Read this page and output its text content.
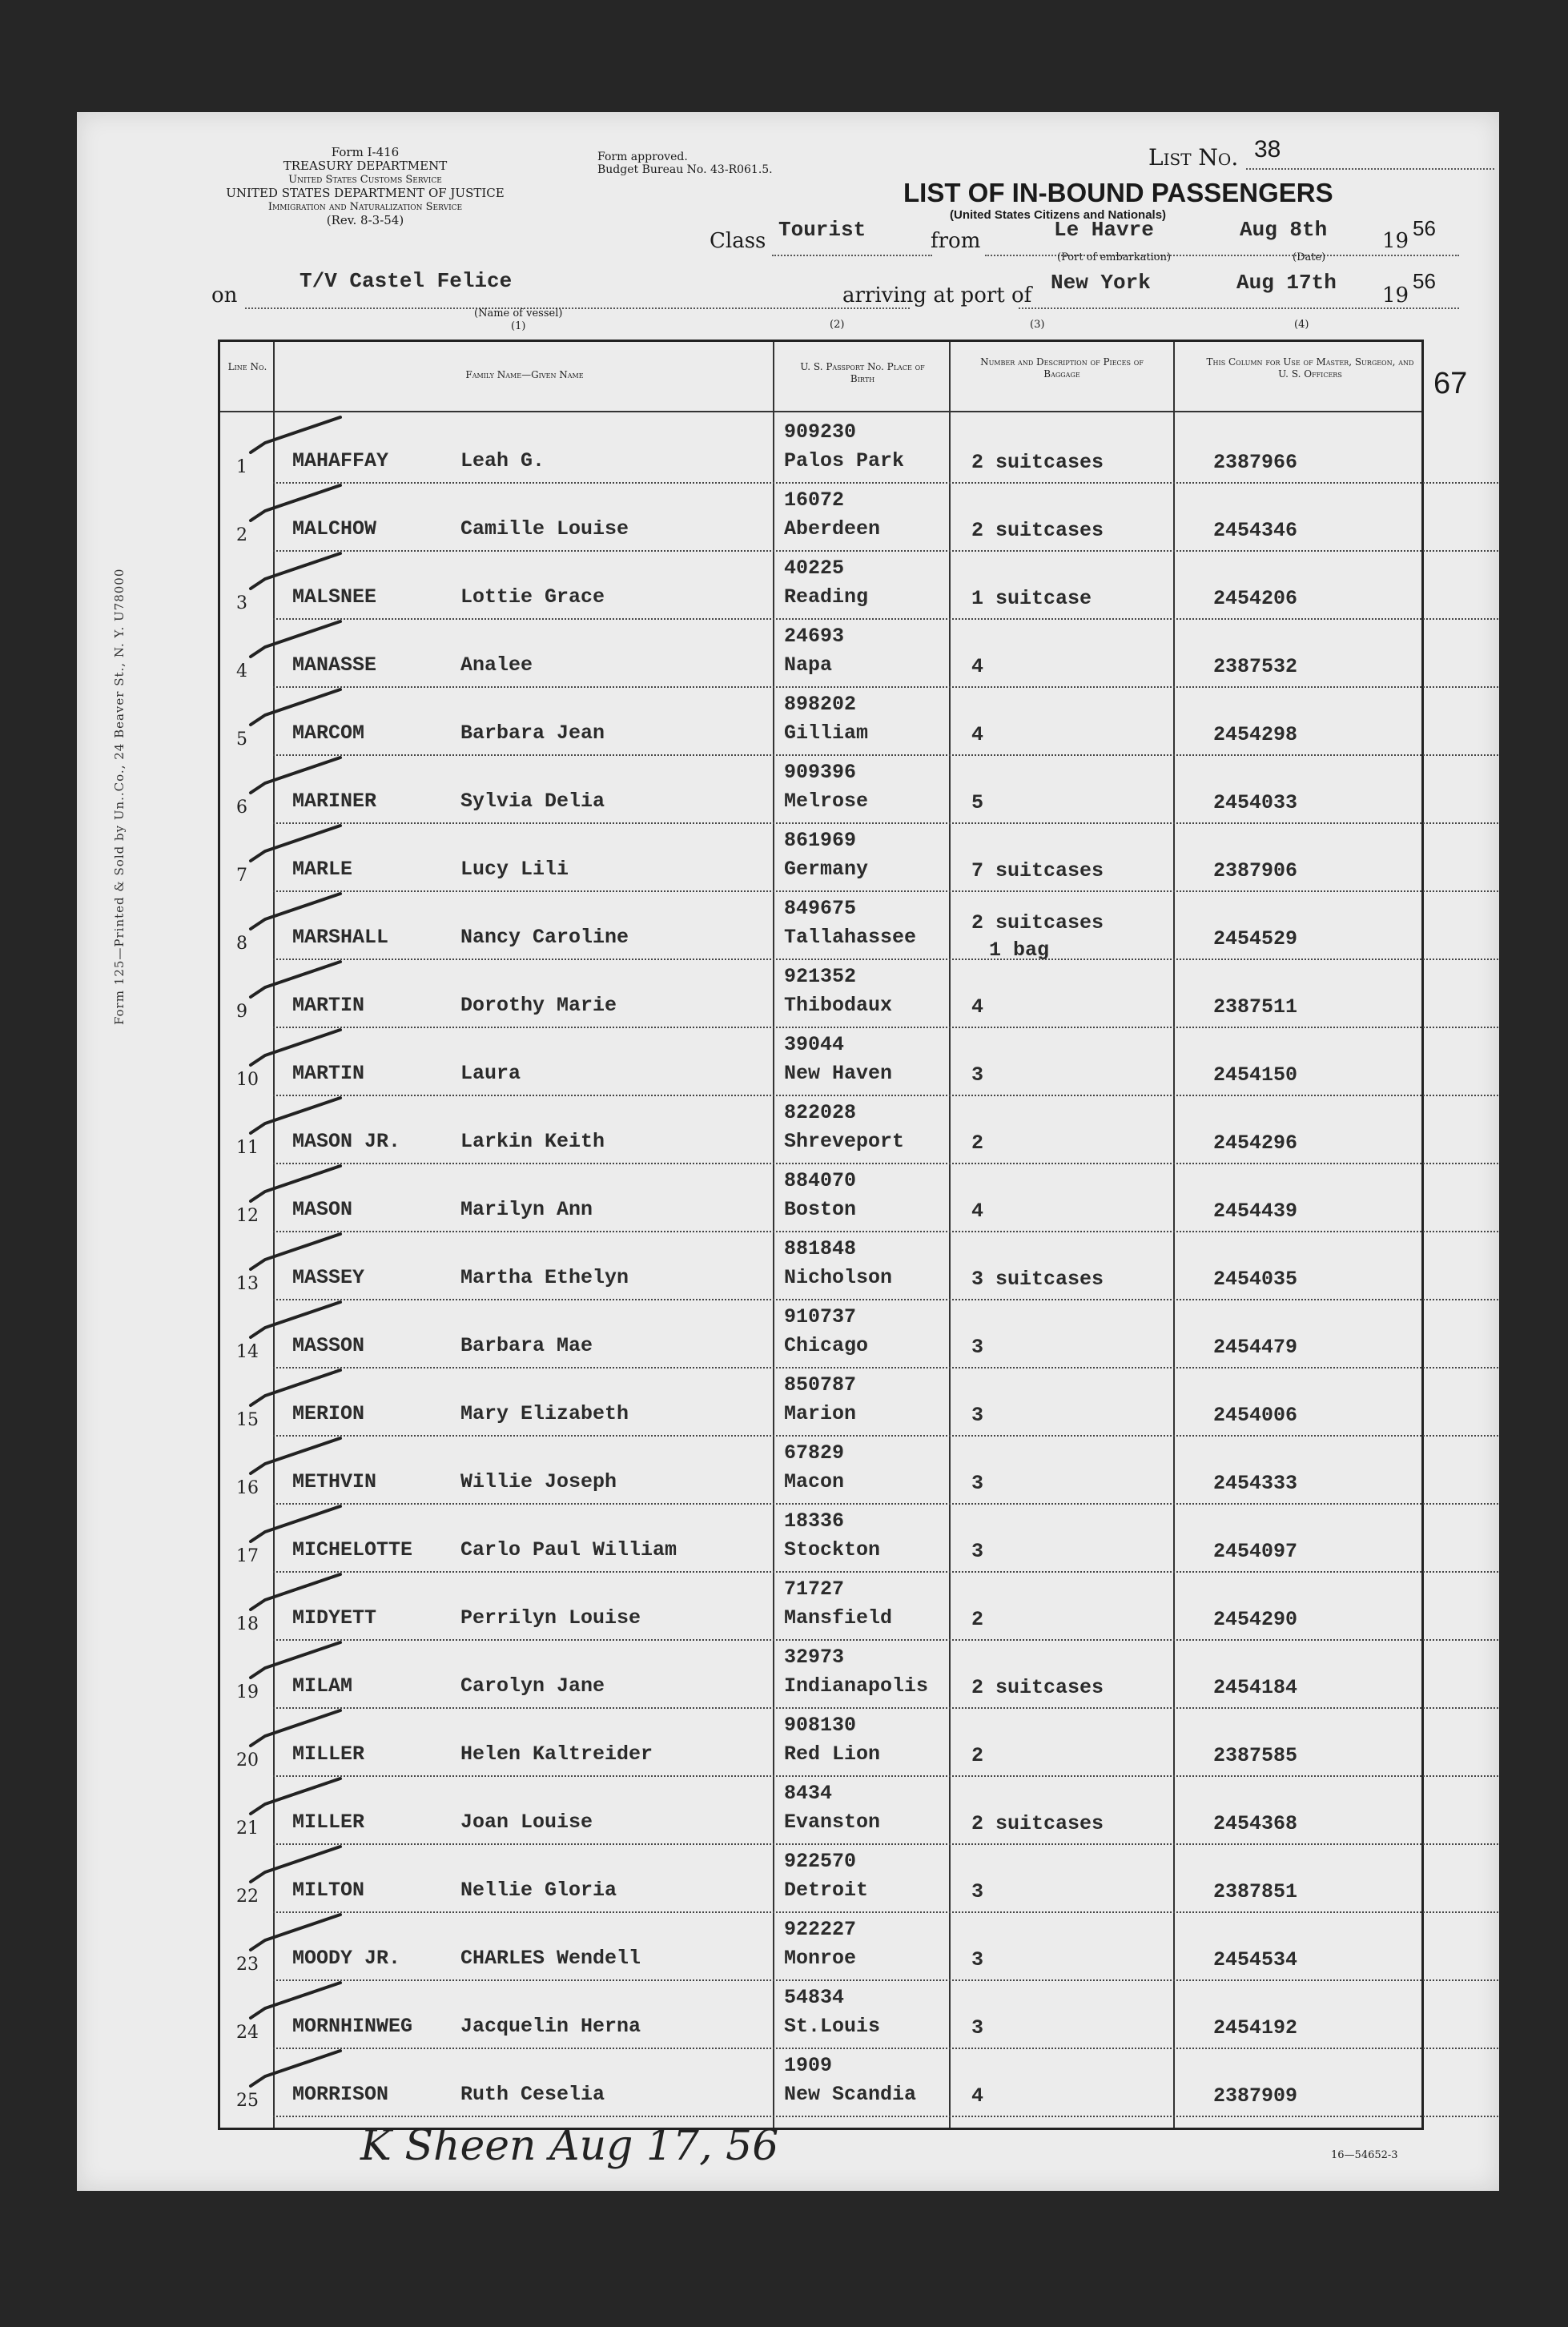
Form 125—Printed & Sold by Un..Co., 24 Beaver St., N. Y. U78000
Form I-416
TREASURY DEPARTMENT
United States Customs Service
UNITED STATES DEPARTMENT OF JUSTICE
Immigration and Naturalization Service
(Rev. 8-3-54)
Form approved.
Budget Bureau No. 43-R061.5.	List No. 38
LIST OF IN-BOUND PASSENGERS
(United States Citizens and Nationals)
Class Tourist	from	Le Havre
(Port of embarkation)
Aug 8th
(Date)
19
56
on
T/V Castel Felice
(Name of vessel)
(1)	(2)
arriving at port of
New York
(3)
Aug 17th
(4)
19
56
67
Line No.
Family Name—Given Name
U. S. Passport No. Place of Birth
Number and Description of Pieces of Baggage
This Column for Use of Master, Surgeon, and U. S. Officers
1 MAHAFFAY	Leah G.
909230
Palos Park	2 suitcases	2387966
2 MALCHOW	Camille Louise
16072
Aberdeen	2 suitcases	2454346
3 MALSNEE	Lottie Grace
40225
Reading	1 suitcase	2454206
4 MANASSE	Analee
24693
Napa	4	2387532
5 MARCOM	Barbara Jean
898202
Gilliam	4	2454298
6 MARINER	Sylvia Delia
909396
Melrose	5	2454033
7 MARLE	Lucy Lili
861969
Germany	7 suitcases	2387906
8 MARSHALL	Nancy Caroline
849675
Tallahassee
2 suitcases
1 bag	2454529
9 MARTIN	Dorothy Marie
921352
Thibodaux	4	2387511
10 MARTIN	Laura
39044
New Haven	3	2454150
11 MASON JR.	Larkin Keith
822028
Shreveport	2	2454296
12 MASON	Marilyn Ann
884070
Boston	4	2454439
13 MASSEY	Martha Ethelyn
881848
Nicholson	3 suitcases	2454035
14 MASSON	Barbara Mae
910737
Chicago	3	2454479
15 MERION	Mary Elizabeth
850787
Marion	3	2454006
16 METHVIN	Willie Joseph
67829
Macon	3	2454333
17 MICHELOTTE Carlo Paul William
18336
Stockton	3	2454097
18 MIDYETT	Perrilyn Louise
71727
Mansfield	2	2454290
19 MILAM	Carolyn Jane
32973
Indianapolis 2 suitcases	2454184
20 MILLER	Helen Kaltreider
908130
Red Lion	2	2387585
21 MILLER	Joan Louise
8434
Evanston	2 suitcases	2454368
22 MILTON	Nellie Gloria
922570
Detroit	3	2387851
23 MOODY JR.	CHARLES Wendell
922227
Monroe	3	2454534
24 MORNHINWEG Jacquelin Herna
54834
St.Louis	3	2454192
25 MORRISON	Ruth Ceselia
1909
New Scandia	4	2387909
K Sheen Aug 17, 56	16—54652-3
